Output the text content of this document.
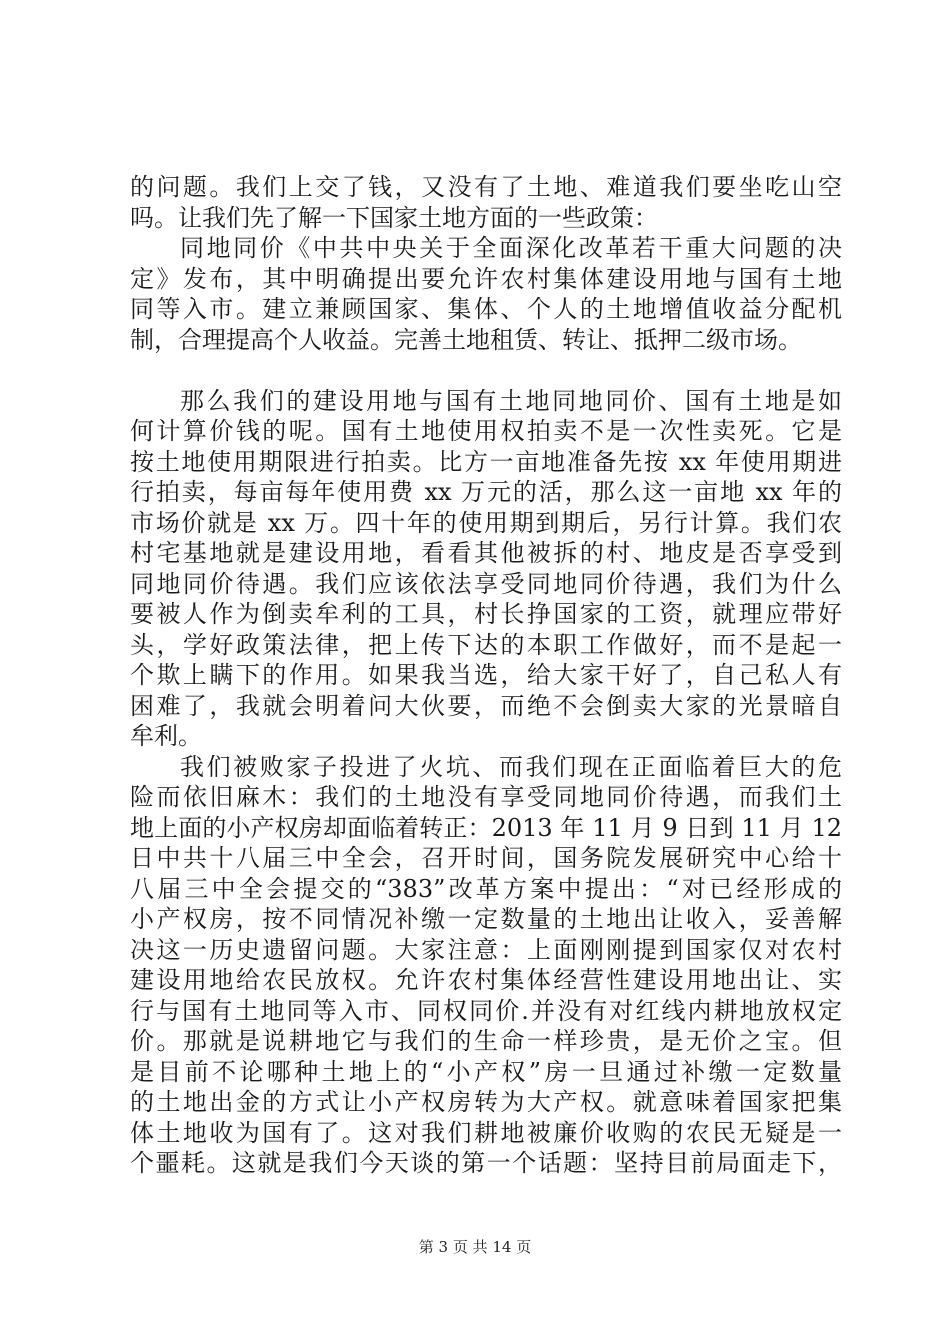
的问题。我们上交了钱，又没有了土地、难道我们要坐吃山空
吗。让我们先了解一下国家土地方面的一些政策：
同地同价《中共中央关于全面深化改革若干重大问题的决
定》发布，其中明确提出要允许农村集体建设用地与国有土地
同等入市。建立兼顾国家、集体、个人的土地增值收益分配机
制，合理提高个人收益。完善土地租赁、转让、抵押二级市场。
那么我们的建设用地与国有土地同地同价、国有土地是如
何计算价钱的呢。国有土地使用权拍卖不是一次性卖死。它是
按土地使用期限进行拍卖。比方一亩地准备先按 xx 年使用期进
行拍卖，每亩每年使用费 xx 万元的活，那么这一亩地 xx 年的
市场价就是 xx 万。四十年的使用期到期后，另行计算。我们农
村宅基地就是建设用地，看看其他被拆的村、地皮是否享受到
同地同价待遇。我们应该依法享受同地同价待遇，我们为什么
要被人作为倒卖牟利的工具，村长挣国家的工资，就理应带好
头，学好政策法律，把上传下达的本职工作做好，而不是起一
个欺上瞒下的作用。如果我当选，给大家干好了，自己私人有
困难了，我就会明着问大伙要，而绝不会倒卖大家的光景暗自
牟利。
我们被败家子投进了火坑、而我们现在正面临着巨大的危
险而依旧麻木：我们的土地没有享受同地同价待遇，而我们土
地上面的小产权房却面临着转正：2013 年 11 月 9 日到 11 月 12
日中共十八届三中全会，召开时间，国务院发展研究中心给十
八届三中全会提交的“383”改革方案中提出：“对已经形成的
小产权房，按不同情况补缴一定数量的土地出让收入，妥善解
决这一历史遗留问题。大家注意：上面刚刚提到国家仅对农村
建设用地给农民放权。允许农村集体经营性建设用地出让、实
行与国有土地同等入市、同权同价.并没有对红线内耕地放权定
价。那就是说耕地它与我们的生命一样珍贵，是无价之宝。但
是目前不论哪种土地上的“小产权”房一旦通过补缴一定数量
的土地出金的方式让小产权房转为大产权。就意味着国家把集
体土地收为国有了。这对我们耕地被廉价收购的农民无疑是一
个噩耗。这就是我们今天谈的第一个话题：坚持目前局面走下，
第 3 页 共 14 页
